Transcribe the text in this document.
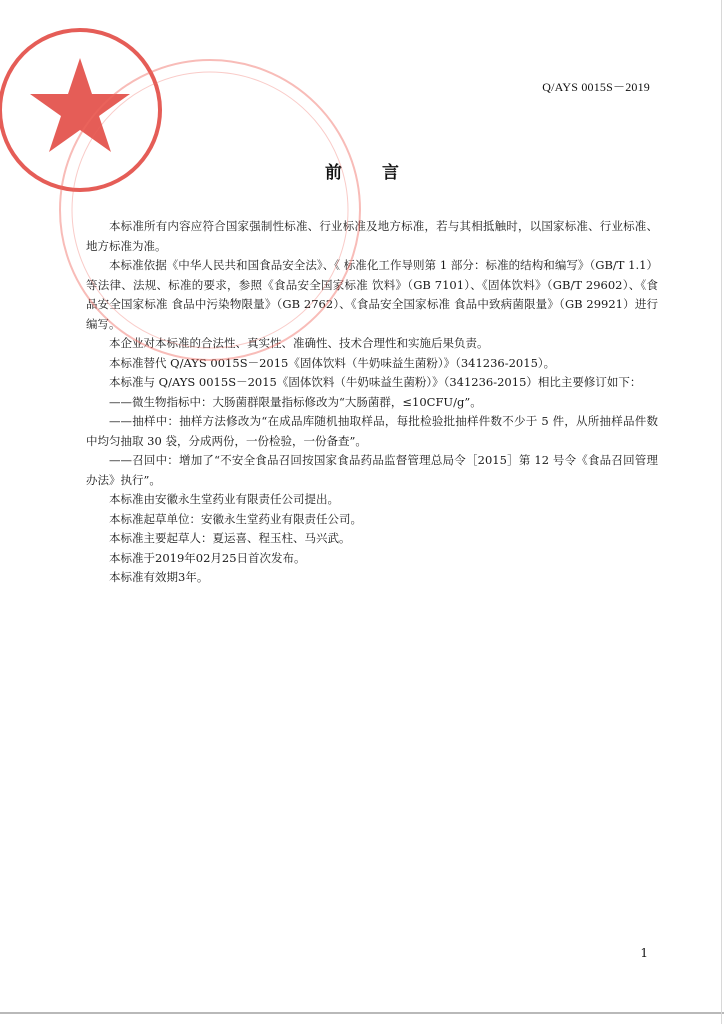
Q/AYS 0015S－2019
前言

本标准所有内容应符合国家强制性标准、行业标准及地方标准，若与其相抵触时，以国家标准、行业标准、地方标准为准。

本标准依据《中华人民共和国食品安全法》、《 标准化工作导则第 1 部分：标准的结构和编写》（GB/T 1.1）等法律、法规、标准的要求，参照《食品安全国家标准 饮料》（GB 7101）、《固体饮料》（GB/T 29602）、《食品安全国家标准 食品中污染物限量》（GB 2762）、《食品安全国家标准 食品中致病菌限量》（GB 29921）进行编写。

本企业对本标准的合法性、真实性、准确性、技术合理性和实施后果负责。

本标准替代 Q/AYS 0015S－2015《固体饮料（牛奶味益生菌粉）》（341236-2015）。

本标准与 Q/AYS 0015S－2015《固体饮料（牛奶味益生菌粉）》（341236-2015）相比主要修订如下：

——微生物指标中：大肠菌群限量指标修改为“大肠菌群，≤10CFU/g”。

——抽样中：抽样方法修改为“在成品库随机抽取样品，每批检验批抽样件数不少于 5 件，从所抽样品件数中均匀抽取 30 袋，分成两份，一份检验，一份备查”。

——召回中：增加了“不安全食品召回按国家食品药品监督管理总局令［2015］第 12 号令《食品召回管理办法》执行”。

本标准由安徽永生堂药业有限责任公司提出。

本标准起草单位：安徽永生堂药业有限责任公司。

本标准主要起草人：夏运喜、程玉柱、马兴武。

本标准于2019年02月25日首次发布。

本标准有效期3年。

1
